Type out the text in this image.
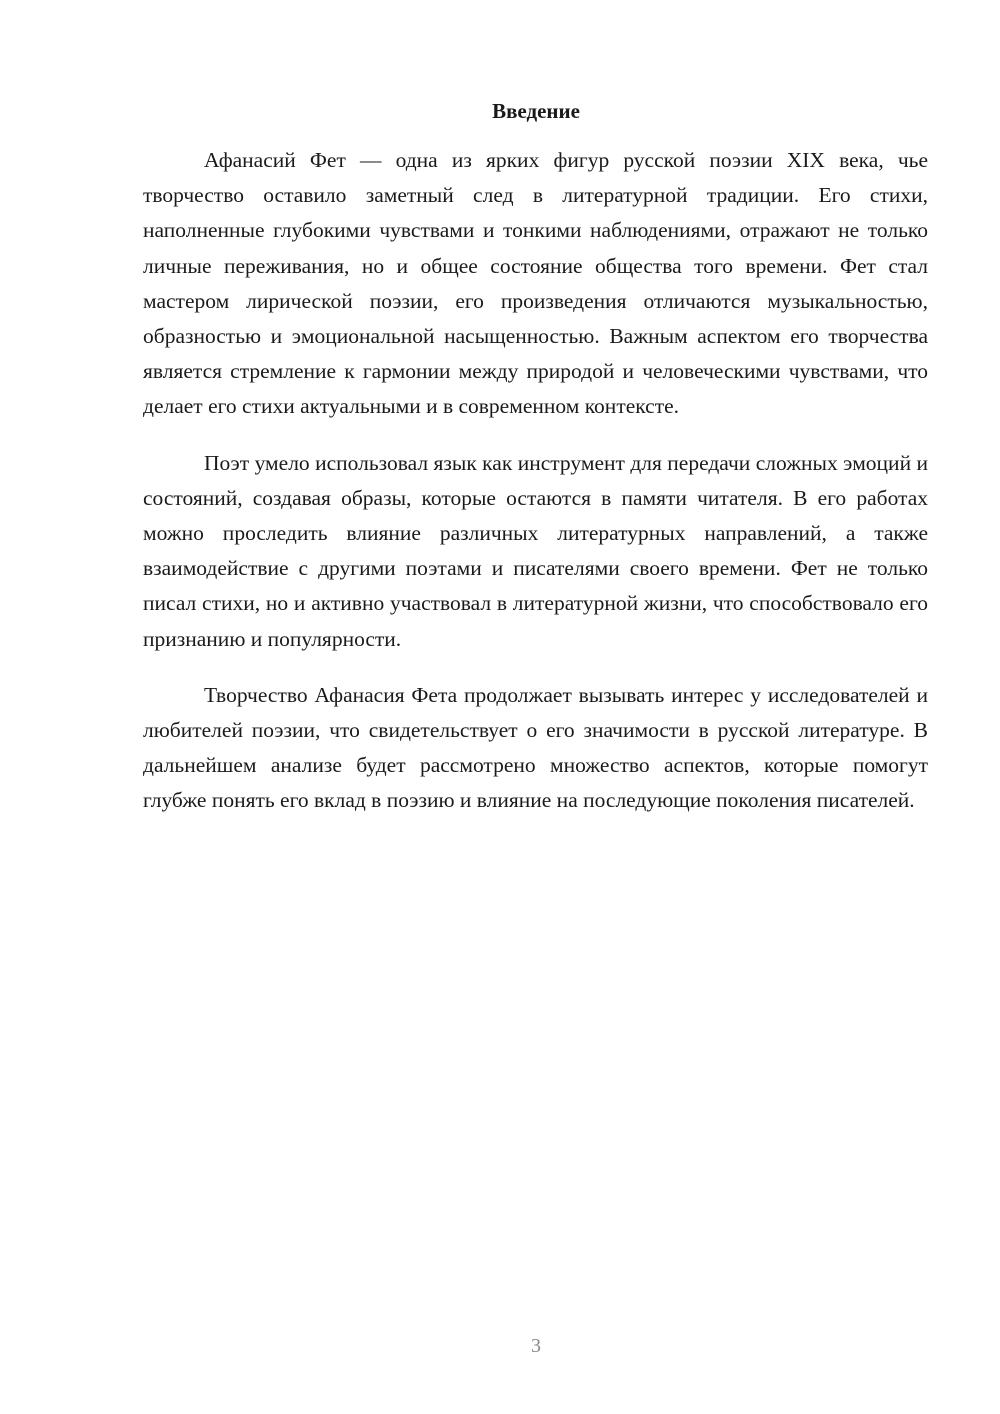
Введение

Афанасий Фет — одна из ярких фигур русской поэзии XIX века, чье творчество оставило заметный след в литературной традиции. Его стихи, наполненные глубокими чувствами и тонкими наблюдениями, отражают не только личные переживания, но и общее состояние общества того времени. Фет стал мастером лирической поэзии, его произведения отличаются музыкальностью, образностью и эмоциональной насыщенностью. Важным аспектом его творчества является стремление к гармонии между природой и человеческими чувствами, что делает его стихи актуальными и в современном контексте.

Поэт умело использовал язык как инструмент для передачи сложных эмоций и состояний, создавая образы, которые остаются в памяти читателя. В его работах можно проследить влияние различных литературных направлений, а также взаимодействие с другими поэтами и писателями своего времени. Фет не только писал стихи, но и активно участвовал в литературной жизни, что способствовало его признанию и популярности.

Творчество Афанасия Фета продолжает вызывать интерес у исследователей и любителей поэзии, что свидетельствует о его значимости в русской литературе. В дальнейшем анализе будет рассмотрено множество аспектов, которые помогут глубже понять его вклад в поэзию и влияние на последующие поколения писателей.

3
